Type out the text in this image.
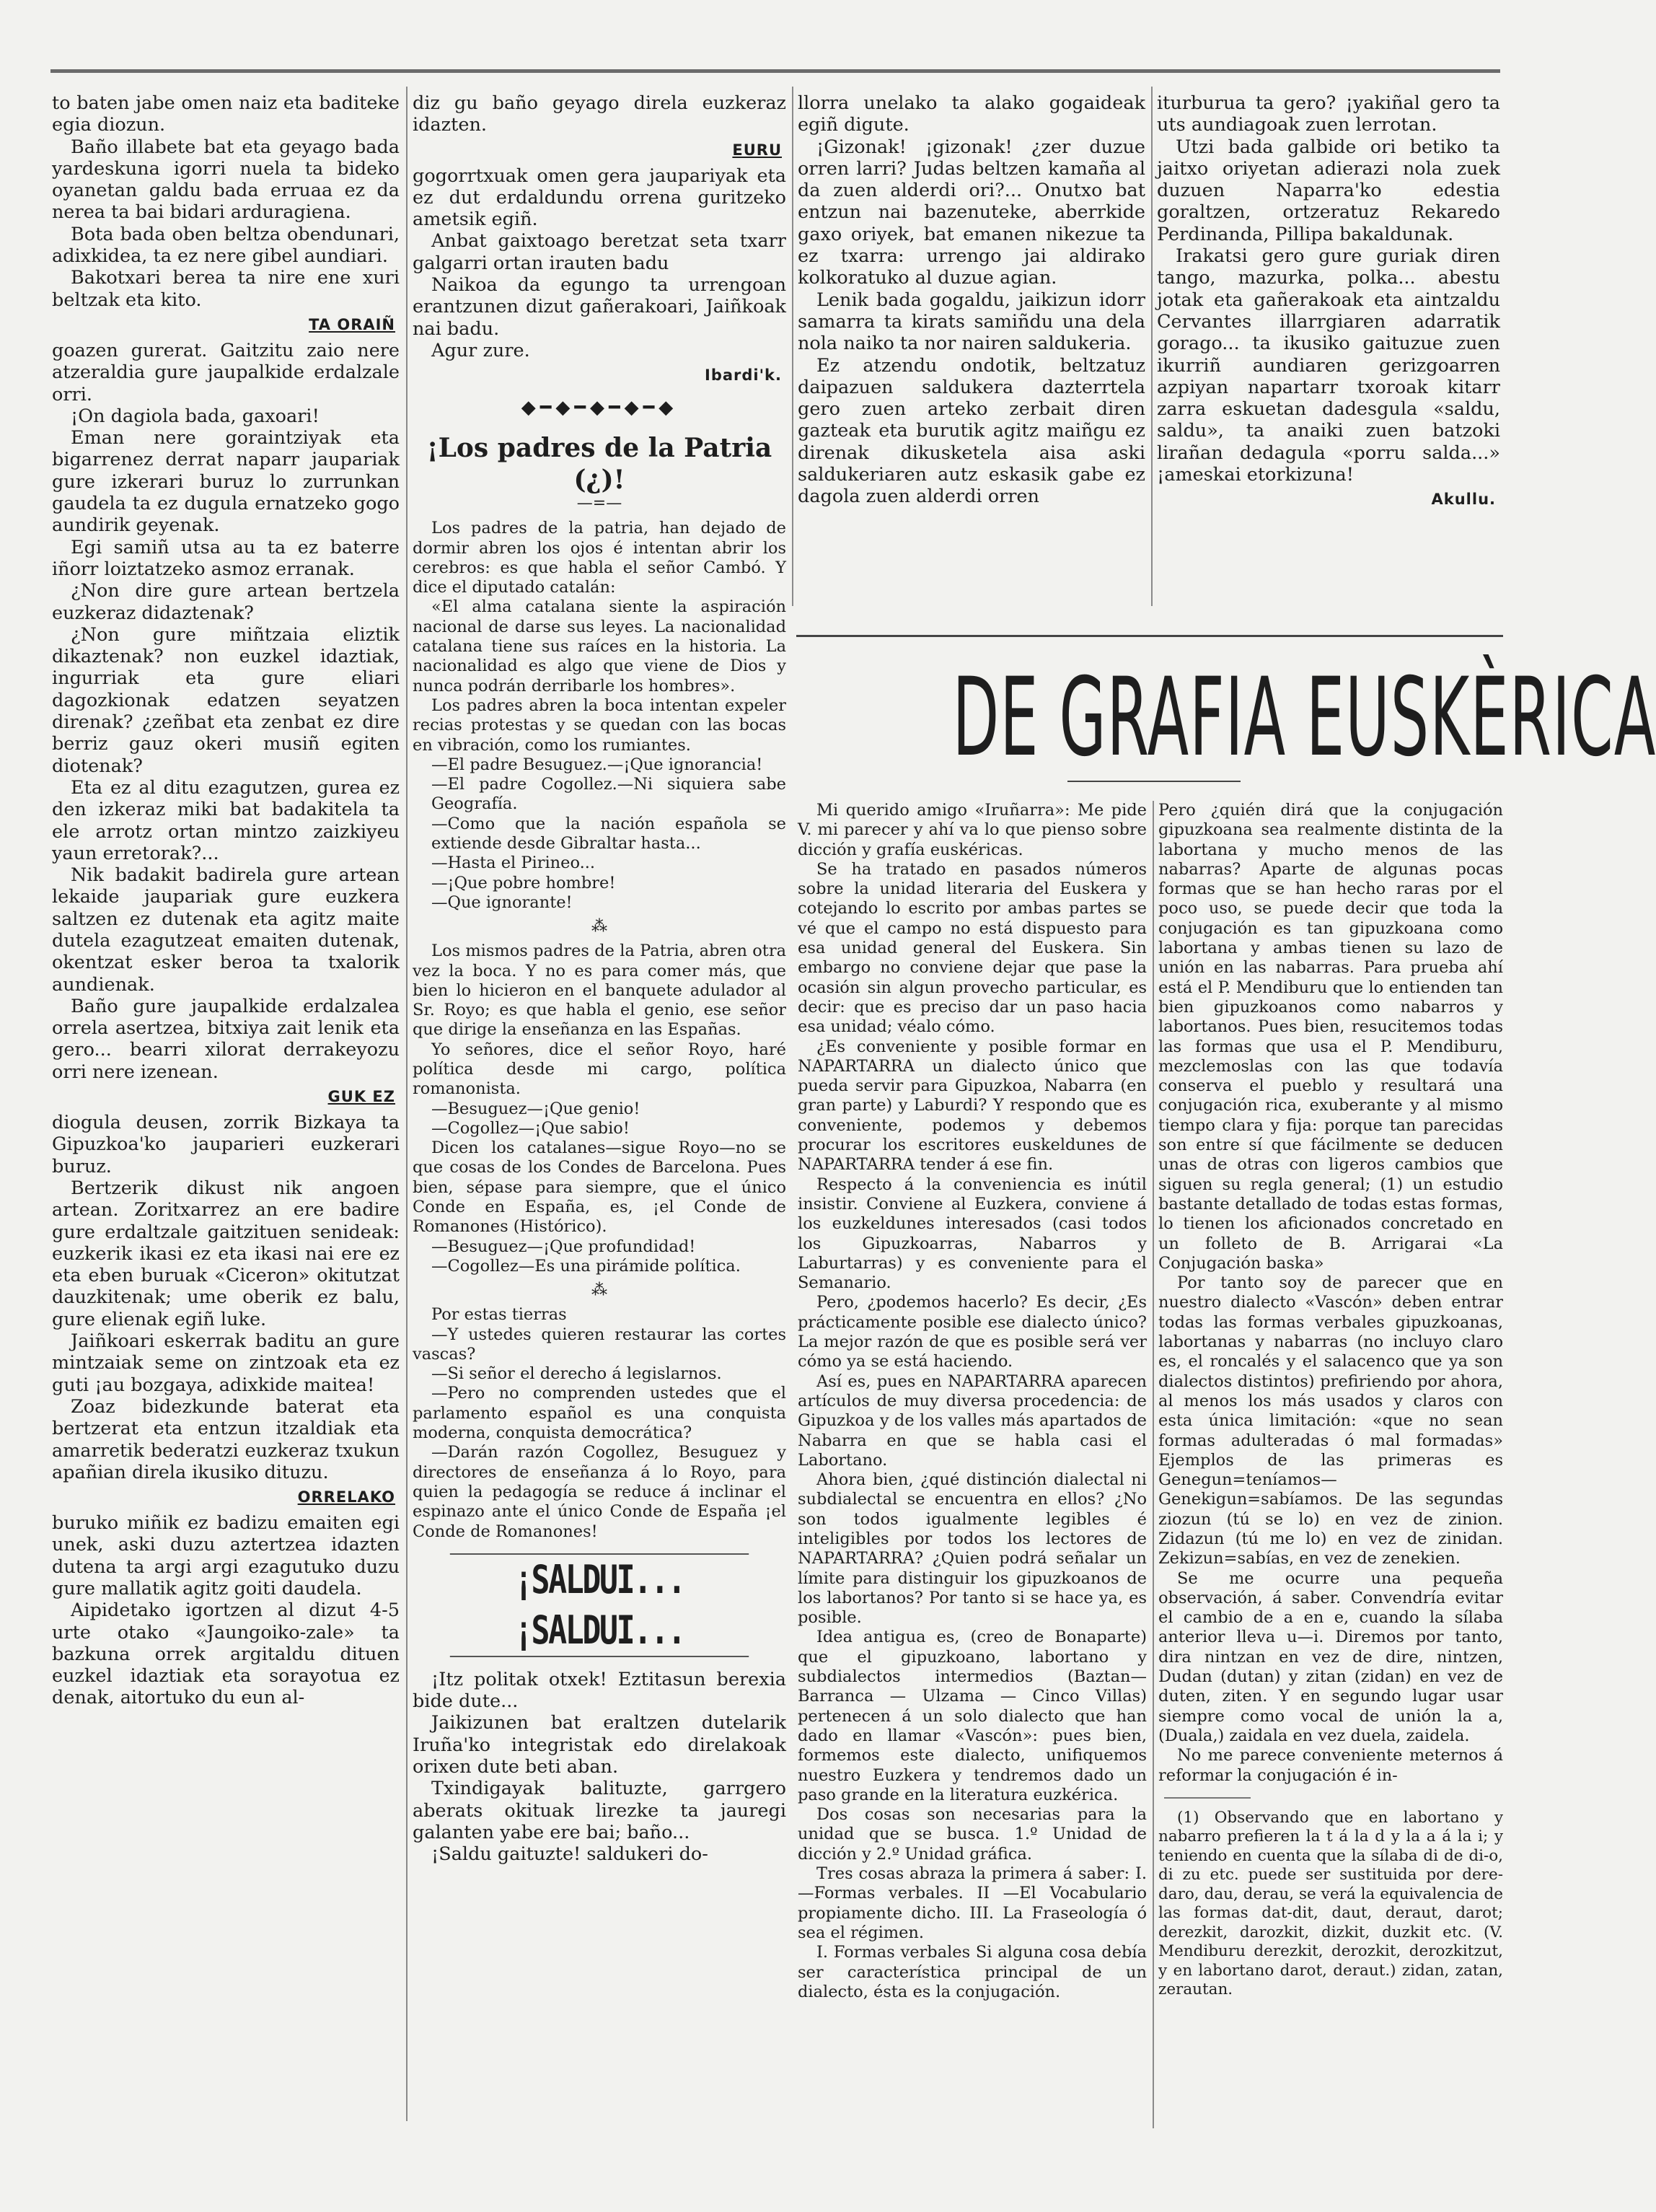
to baten jabe omen naiz eta baditeke egia diozun.

Baño illabete bat eta geyago bada yardeskuna igorri nuela ta bideko oyanetan galdu bada erruaa ez da nerea ta bai bidari arduragiena.

Bota bada oben beltza obendunari, adixkidea, ta ez nere gibel aundiari.

Bakotxari berea ta nire ene xuri beltzak eta kito.

TA ORAIÑ

goazen gurerat. Gaitzitu zaio nere atzeraldia gure jaupalkide erdalzale orri.

¡On dagiola bada, gaxoari!

Eman nere goraintziyak eta bigarrenez derrat naparr jaupariak gure izkerari buruz lo zurrunkan gaudela ta ez dugula ernatzeko gogo aundirik geyenak.

Egi samiñ utsa au ta ez baterre iñorr loiztatzeko asmoz erranak.

¿Non dire gure artean bertzela euzkeraz didaztenak?

¿Non gure miñtzaia eliztik dikaztenak? non euzkel idaztiak, ingurriak eta gure eliari dagozkionak edatzen seyatzen direnak? ¿zeñbat eta zenbat ez dire berriz gauz okeri musiñ egiten diotenak?

Eta ez al ditu ezagutzen, gurea ez den izkeraz miki bat badakitela ta ele arrotz ortan mintzo zaizkiyeu yaun erretorak?...

Nik badakit badirela gure artean lekaide jaupariak gure euzkera saltzen ez dutenak eta agitz maite dutela ezagutzeat emaiten dutenak, okentzat esker beroa ta txalorik aundienak.

Baño gure jaupalkide erdalzalea orrela asertzea, bitxiya zait lenik eta gero... bearri xilorat derrakeyozu orri nere izenean.

GUK EZ

diogula deusen, zorrik Bizkaya ta Gipuzkoa'ko jauparieri euzkerari buruz.

Bertzerik dikust nik angoen artean. Zoritxarrez an ere badire gure erdaltzale gaitzituen senideak: euzkerik ikasi ez eta ikasi nai ere ez eta eben buruak «Ciceron» okitutzat dauzkitenak; ume oberik ez balu, gure elienak egiñ luke.

Jaiñkoari eskerrak baditu an gure mintzaiak seme on zintzoak eta ez guti ¡au bozgaya, adixkide maitea!

Zoaz bidezkunde baterat eta bertzerat eta entzun itzaldiak eta amarretik bederatzi euzkeraz txukun apañian direla ikusiko dituzu.

ORRELAKO

buruko miñik ez badizu emaiten egi unek, aski duzu aztertzea idazten dutena ta argi argi ezagutuko duzu gure mallatik agitz goiti daudela.

Aipidetako igortzen al dizut 4-5 urte otako «Jaungoiko-zale» ta bazkuna orrek argitaldu dituen euzkel idaztiak eta sorayotua ez denak, aitortuko du eun al-

diz gu baño geyago direla euzkeraz idazten.

EURU

gogorrtxuak omen gera jaupariyak eta ez dut erdaldundu orrena guritzeko ametsik egiñ.

Anbat gaixtoago beretzat seta txarr galgarri ortan irauten badu

Naikoa da egungo ta urrengoan erantzunen dizut gañerakoari, Jaiñkoak nai badu.

Agur zure.

Ibardi'k.
◆━◆━◆━◆━◆
¡Los padres de la Patria (¿)!
—=—

Los padres de la patria, han dejado de dormir abren los ojos é intentan abrir los cerebros: es que habla el señor Cambó. Y dice el diputado catalán:

«El alma catalana siente la aspiración nacional de darse sus leyes. La nacionalidad catalana tiene sus raíces en la historia. La nacionalidad es algo que viene de Dios y nunca podrán derribarle los hombres».

Los padres abren la boca intentan expeler recias protestas y se quedan con las bocas en vibración, como los rumiantes.

—El padre Besuguez.—¡Que ignorancia!

—El padre Cogollez.—Ni siquiera sabe Geografía.

—Como que la nación española se extiende desde Gibraltar hasta...

—Hasta el Pirineo...

—¡Que pobre hombre!

—Que ignorante!

⁂

Los mismos padres de la Patria, abren otra vez la boca. Y no es para comer más, que bien lo hicieron en el banquete adulador al Sr. Royo; es que habla el genio, ese señor que dirige la enseñanza en las Españas.

Yo señores, dice el señor Royo, haré política desde mi cargo, política romanonista.

—Besuguez—¡Que genio!

—Cogollez—¡Que sabio!

Dicen los catalanes—sigue Royo—no se que cosas de los Condes de Barcelona. Pues bien, sépase para siempre, que el único Conde en España, es, ¡el Conde de Romanones (Histórico).

—Besuguez—¡Que profundidad!

—Cogollez—Es una pirámide política.

⁂

Por estas tierras

—Y ustedes quieren restaurar las cortes vascas?

—Si señor el derecho á legislarnos.

—Pero no comprenden ustedes que el parlamento español es una conquista moderna, conquista democrática?

—Darán razón Cogollez, Besuguez y directores de enseñanza á lo Royo, para quien la pedagogía se reduce á inclinar el espinazo ante el único Conde de España ¡el Conde de Romanones!

¡SALDUI... ¡SALDUI...

¡Itz politak otxek! Eztitasun berexia bide dute...

Jaikizunen bat eraltzen dutelarik Iruña'ko integristak edo direlakoak orixen dute beti aban.

Txindigayak balituzte, garrgero aberats okituak lirezke ta jauregi galanten yabe ere bai; baño...

¡Saldu gaituzte! saldukeri do-

llorra unelako ta alako gogaideak egiñ digute.

¡Gizonak! ¡gizonak! ¿zer duzue orren larri? Judas beltzen kamaña al da zuen alderdi ori?... Onutxo bat entzun nai bazenuteke, aberrkide gaxo oriyek, bat emanen nikezue ta ez txarra: urrengo jai aldirako kolkoratuko al duzue agian.

Lenik bada gogaldu, jaikizun idorr samarra ta kirats samiñdu una dela nola naiko ta nor nairen saldukeria.

Ez atzendu ondotik, beltzatuz daipazuen saldukera dazterrtela gero zuen arteko zerbait diren gazteak eta burutik agitz maiñgu ez direnak dikusketela aisa aski saldukeriaren autz eskasik gabe ez dagola zuen alderdi orren

iturburua ta gero? ¡yakiñal gero ta uts aundiagoak zuen lerrotan.

Utzi bada galbide ori betiko ta jaitxo oriyetan adierazi nola zuek duzuen Naparra'ko edestia goraltzen, ortzeratuz Rekaredo Perdinanda, Pillipa bakaldunak.

Irakatsi gero gure guriak diren tango, mazurka, polka... abestu jotak eta gañerakoak eta aintzaldu Cervantes illarrgiaren adarratik gorago... ta ikusiko gaituzue zuen ikurriñ aundiaren gerizgoarren azpiyan napartarr txoroak kitarr zarra eskuetan dadesgula «saldu, saldu», ta anaiki zuen batzoki lirañan dedagula «porru salda...» ¡ameskai etorkizuna!

Akullu.
DE GRAFIA EUSKÈRICA

Mi querido amigo «Iruñarra»: Me pide V. mi parecer y ahí va lo que pienso sobre dicción y grafía euskéricas.

Se ha tratado en pasados números sobre la unidad literaria del Euskera y cotejando lo escrito por ambas partes se vé que el campo no está dispuesto para esa unidad general del Euskera. Sin embargo no conviene dejar que pase la ocasión sin algun provecho particular, es decir: que es preciso dar un paso hacia esa unidad; véalo cómo.

¿Es conveniente y posible formar en NAPARTARRA un dialecto único que pueda servir para Gipuzkoa, Nabarra (en gran parte) y Laburdi? Y respondo que es conveniente, podemos y debemos procurar los escritores euskeldunes de NAPARTARRA tender á ese fin.

Respecto á la conveniencia es inútil insistir. Conviene al Euzkera, conviene á los euzkeldunes interesados (casi todos los Gipuzkoarras, Nabarros y Laburtarras) y es conveniente para el Semanario.

Pero, ¿podemos hacerlo? Es decir, ¿Es prácticamente posible ese dialecto único? La mejor razón de que es posible será ver cómo ya se está haciendo.

Así es, pues en NAPARTARRA aparecen artículos de muy diversa procedencia: de Gipuzkoa y de los valles más apartados de Nabarra en que se habla casi el Labortano.

Ahora bien, ¿qué distinción dialectal ni subdialectal se encuentra en ellos? ¿No son todos igualmente legibles é inteligibles por todos los lectores de NAPARTARRA? ¿Quien podrá señalar un límite para distinguir los gipuzkoanos de los labortanos? Por tanto si se hace ya, es posible.

Idea antigua es, (creo de Bonaparte) que el gipuzkoano, labortano y subdialectos intermedios (Baztan—Barranca — Ulzama — Cinco Villas) pertenecen á un solo dialecto que han dado en llamar «Vascón»: pues bien, formemos este dialecto, unifiquemos nuestro Euzkera y tendremos dado un paso grande en la literatura euzkérica.

Dos cosas son necesarias para la unidad que se busca. 1.º Unidad de dicción y 2.º Unidad gráfica.

Tres cosas abraza la primera á saber: I.—Formas verbales. II —El Vocabulario propiamente dicho. III. La Fraseología ó sea el régimen.

I. Formas verbales Si alguna cosa debía ser característica principal de un dialecto, ésta es la conjugación.

Pero ¿quién dirá que la conjugación gipuzkoana sea realmente distinta de la labortana y mucho menos de las nabarras? Aparte de algunas pocas formas que se han hecho raras por el poco uso, se puede decir que toda la conjugación es tan gipuzkoana como labortana y ambas tienen su lazo de unión en las nabarras. Para prueba ahí está el P. Mendiburu que lo entienden tan bien gipuzkoanos como nabarros y labortanos. Pues bien, resucitemos todas las formas que usa el P. Mendiburu, mezclemoslas con las que todavía conserva el pueblo y resultará una conjugación rica, exuberante y al mismo tiempo clara y fija: porque tan parecidas son entre sí que fácilmente se deducen unas de otras con ligeros cambios que siguen su regla general; (1) un estudio bastante detallado de todas estas formas, lo tienen los aficionados concretado en un folleto de B. Arrigarai «La Conjugación baska»

Por tanto soy de parecer que en nuestro dialecto «Vascón» deben entrar todas las formas verbales gipuzkoanas, labortanas y nabarras (no incluyo claro es, el roncalés y el salacenco que ya son dialectos distintos) prefiriendo por ahora, al menos los más usados y claros con esta única limitación: «que no sean formas adulteradas ó mal formadas» Ejemplos de las primeras es Genegun=teníamos—Genekigun=sabíamos. De las segundas ziozun (tú se lo) en vez de zinion. Zidazun (tú me lo) en vez de zinidan. Zekizun=sabías, en vez de zenekien.

Se me ocurre una pequeña observación, á saber. Convendría evitar el cambio de a en e, cuando la sílaba anterior lleva u—i. Diremos por tanto, dira nintzan en vez de dire, nintzen, Dudan (dutan) y zitan (zidan) en vez de duten, ziten. Y en segundo lugar usar siempre como vocal de unión la a, (Duala,) zaidala en vez duela, zaidela.

No me parece conveniente meternos á reformar la conjugación é in-

(1) Observando que en labortano y nabarro prefieren la t á la d y la a á la i; y teniendo en cuenta que la sílaba di de di-o, di zu etc. puede ser sustituida por dere-daro, dau, derau, se verá la equivalencia de las formas dat-dit, daut, deraut, darot; derezkit, darozkit, dizkit, duzkit etc. (V. Mendiburu derezkit, derozkit, derozkitzut, y en labortano darot, deraut.) zidan, zatan, zerautan.
